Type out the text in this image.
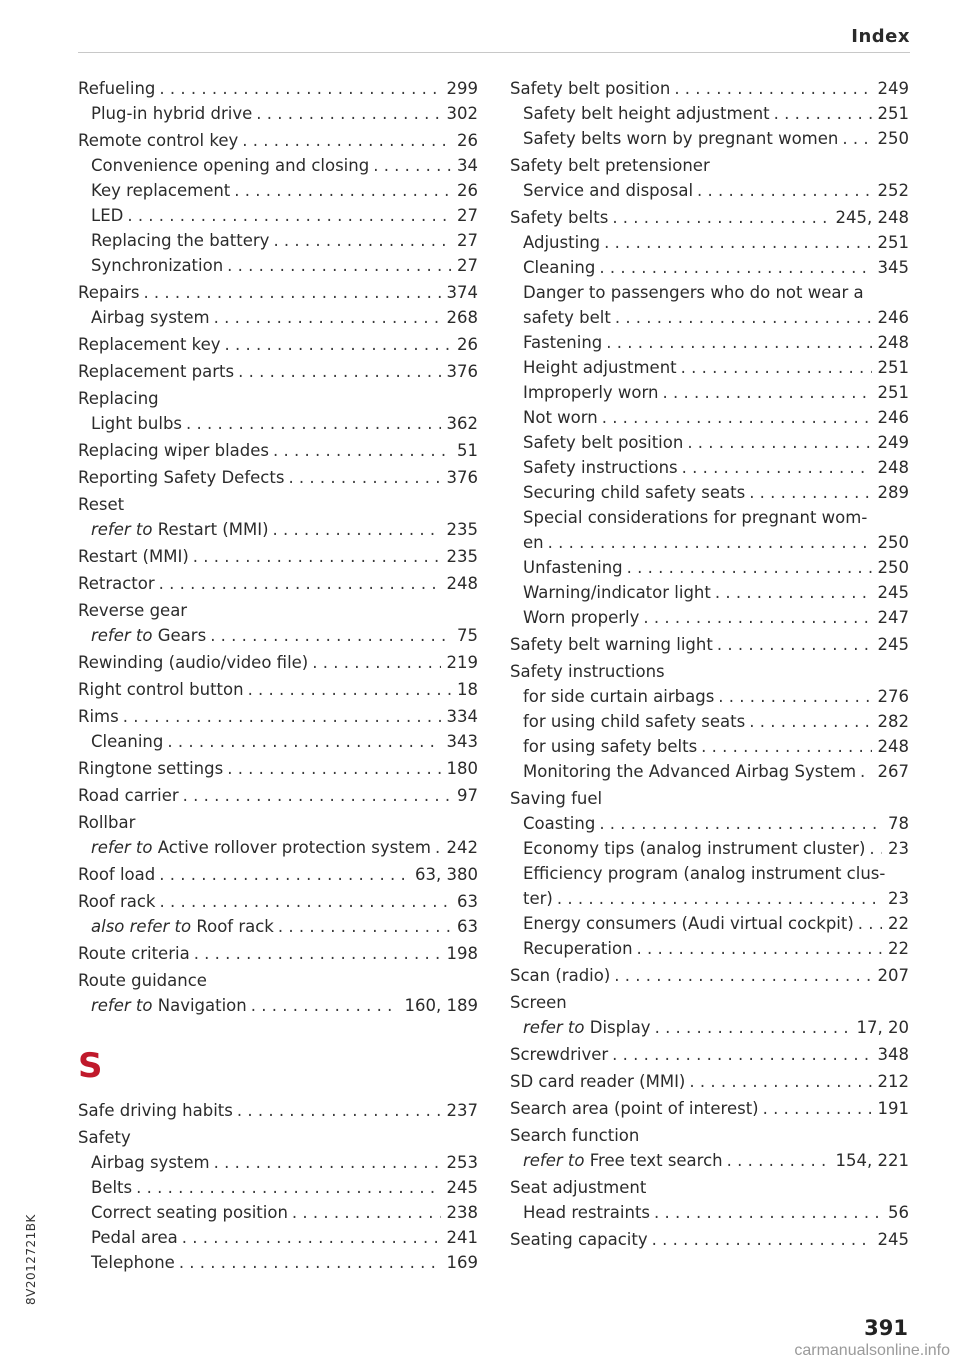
Index
Refueling . . .	299
Plug-in hybrid drive . . .	302
Remote control key . . .	26
Convenience opening and closing . . .	34
Key replacement . . .	26
LED . . .	27
Replacing the battery . . .	27
Synchronization . . .	27
Repairs . . .	374
Airbag system . . .	268
Replacement key . . .	26
Replacement parts . . .	376
Replacing
Light bulbs . . .	362
Replacing wiper blades . . .	51
Reporting Safety Defects . . .	376
Reset
refer to Restart (MMI) . . .	235
Restart (MMI) . . .	235
Retractor . . .	248
Reverse gear
refer to Gears . . .	75
Rewinding (audio/video file) . . .	219
Right control button . . .	18
Rims . . .	334
Cleaning . . .	343
Ringtone settings . . .	180
Road carrier . . .	97
Rollbar
refer to Active rollover protection system . . . 242
Roof load . . .	63, 380
Roof rack . . .	63
also refer to Roof rack . . .	63
Route criteria . . .	198
Route guidance
refer to Navigation . . .	160, 189
S
Safe driving habits . . .	237
Safety
Airbag system . . .	253
Belts . . .	245
Correct seating position . . .	238
Pedal area . . .	241
Telephone . . .	169
Safety belt position . . .	249
Safety belt height adjustment . . .	251
Safety belts worn by pregnant women . . . 250
Safety belt pretensioner
Service and disposal . . .	252
Safety belts . . .	245, 248
Adjusting . . .	251
Cleaning . . .	345
Danger to passengers who do not wear a
safety belt . . .	246
Fastening . . .	248
Height adjustment . . .	251
Improperly worn . . .	251
Not worn . . .	246
Safety belt position . . .	249
Safety instructions . . .	248
Securing child safety seats . . .	289
Special considerations for pregnant wom-
en . . .	250
Unfastening . . .	250
Warning/indicator light . . .	245
Worn properly . . .	247
Safety belt warning light . . .	245
Safety instructions
for side curtain airbags . . .	276
for using child safety seats . . .	282
for using safety belts . . .	248
Monitoring the Advanced Airbag System . . . 267
Saving fuel
Coasting . . .	78
Economy tips (analog instrument cluster) . . . 23
Efficiency program (analog instrument clus-
ter) . . .	23
Energy consumers (Audi virtual cockpit) . . . 22
Recuperation . . .	22
Scan (radio) . . .	207
Screen
refer to Display . . .	17, 20
Screwdriver . . .	348
SD card reader (MMI) . . .	212
Search area (point of interest) . . .	191
Search function
refer to Free text search . . .	154, 221
Seat adjustment
Head restraints . . .	56
Seating capacity . . .	245
8V2012721BK
391
carmanualsonline.info
